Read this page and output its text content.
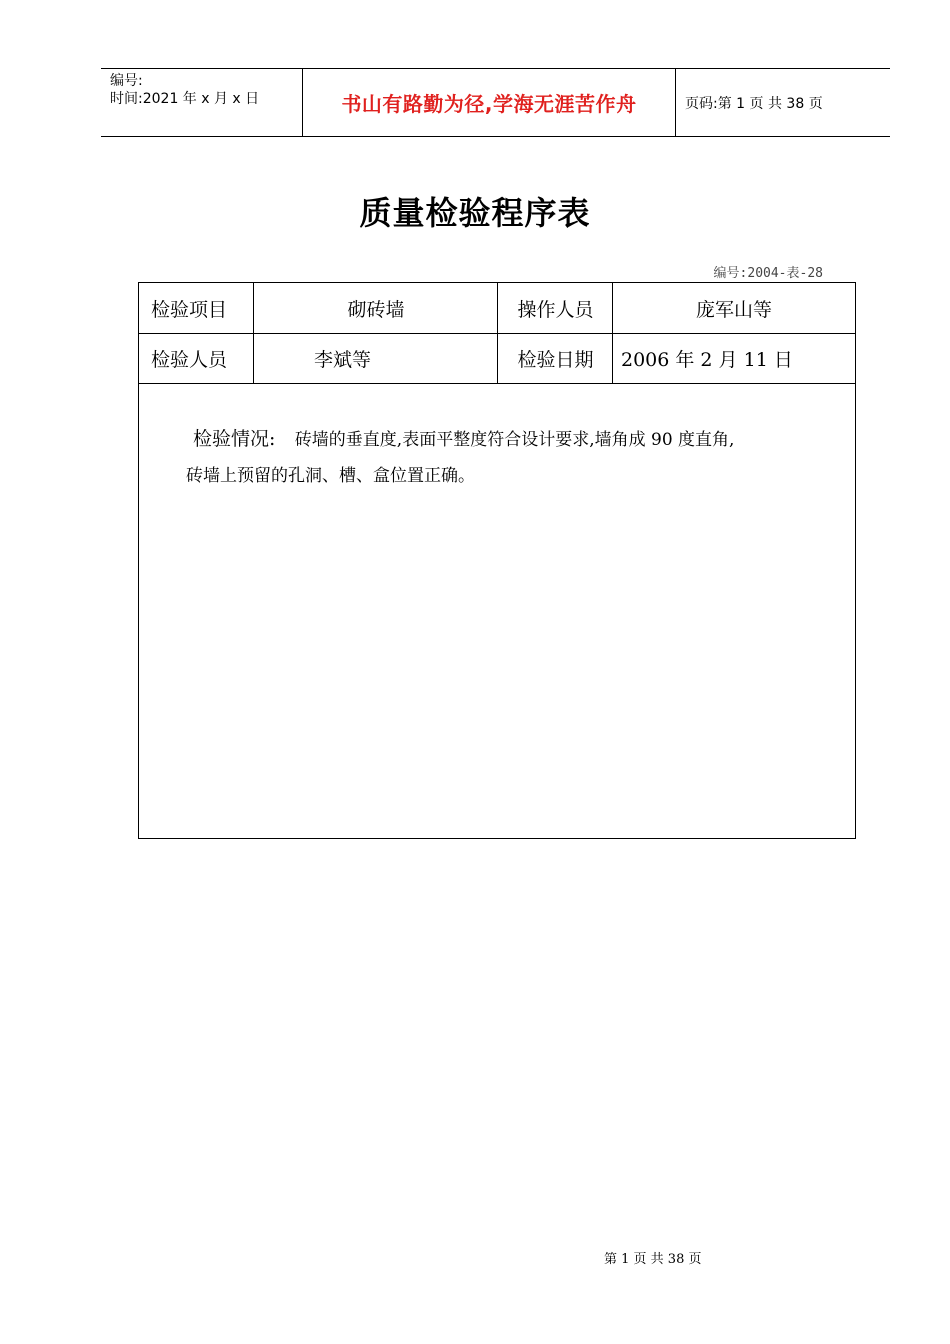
编号:
时间:2021 年 x 月 x 日	书山有路勤为径,学海无涯苦作舟	页码:第 1 页 共 38 页
质量检验程序表
编号:2004-表-28
检验项目	砌砖墙	操作人员	庞军山等
检验人员	李斌等	检验日期	2006 年 2 月 11 日
检验情况: 砖墙的垂直度,表面平整度符合设计要求,墙角成 90 度直角,
砖墙上预留的孔洞、槽、盒位置正确。
第 1 页 共 38 页
